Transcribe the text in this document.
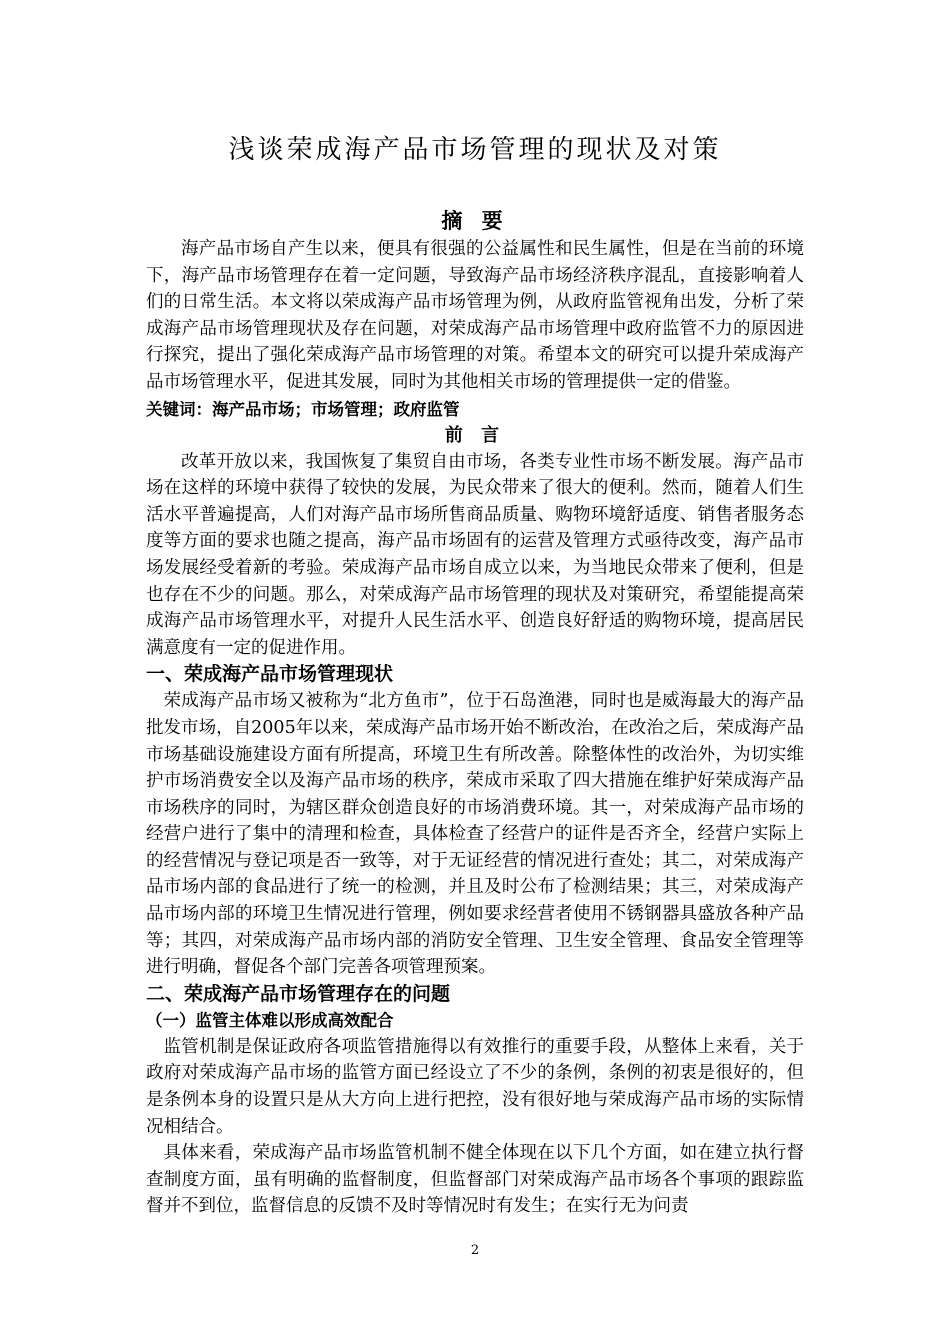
浅谈荣成海产品市场管理的现状及对策
摘 要

海产品市场自产生以来，便具有很强的公益属性和民生属性，但是在当前的环境下，海产品市场管理存在着一定问题，导致海产品市场经济秩序混乱，直接影响着人们的日常生活。本文将以荣成海产品市场管理为例，从政府监管视角出发，分析了荣成海产品市场管理现状及存在问题，对荣成海产品市场管理中政府监管不力的原因进行探究，提出了强化荣成海产品市场管理的对策。希望本文的研究可以提升荣成海产品市场管理水平，促进其发展，同时为其他相关市场的管理提供一定的借鉴。

关键词：海产品市场；市场管理；政府监管

前 言

改革开放以来，我国恢复了集贸自由市场，各类专业性市场不断发展。海产品市场在这样的环境中获得了较快的发展，为民众带来了很大的便利。然而，随着人们生活水平普遍提高，人们对海产品市场所售商品质量、购物环境舒适度、销售者服务态度等方面的要求也随之提高，海产品市场固有的运营及管理方式亟待改变，海产品市场发展经受着新的考验。荣成海产品市场自成立以来，为当地民众带来了便利，但是也存在不少的问题。那么，对荣成海产品市场管理的现状及对策研究，希望能提高荣成海产品市场管理水平，对提升人民生活水平、创造良好舒适的购物环境，提高居民满意度有一定的促进作用。

一、荣成海产品市场管理现状

荣成海产品市场又被称为“北方鱼市”，位于石岛渔港，同时也是威海最大的海产品批发市场，自2005年以来，荣成海产品市场开始不断改治，在改治之后，荣成海产品市场基础设施建设方面有所提高，环境卫生有所改善。除整体性的改治外，为切实维护市场消费安全以及海产品市场的秩序，荣成市采取了四大措施在维护好荣成海产品市场秩序的同时，为辖区群众创造良好的市场消费环境。其一，对荣成海产品市场的经营户进行了集中的清理和检查，具体检查了经营户的证件是否齐全，经营户实际上的经营情况与登记项是否一致等，对于无证经营的情况进行查处；其二，对荣成海产品市场内部的食品进行了统一的检测，并且及时公布了检测结果；其三，对荣成海产品市场内部的环境卫生情况进行管理，例如要求经营者使用不锈钢器具盛放各种产品等；其四，对荣成海产品市场内部的消防安全管理、卫生安全管理、食品安全管理等进行明确，督促各个部门完善各项管理预案。

二、荣成海产品市场管理存在的问题
（一）监管主体难以形成高效配合

监管机制是保证政府各项监管措施得以有效推行的重要手段，从整体上来看，关于政府对荣成海产品市场的监管方面已经设立了不少的条例，条例的初衷是很好的，但是条例本身的设置只是从大方向上进行把控，没有很好地与荣成海产品市场的实际情况相结合。

具体来看，荣成海产品市场监管机制不健全体现在以下几个方面，如在建立执行督查制度方面，虽有明确的监督制度，但监督部门对荣成海产品市场各个事项的跟踪监督并不到位，监督信息的反馈不及时等情况时有发生；在实行无为问责

2
